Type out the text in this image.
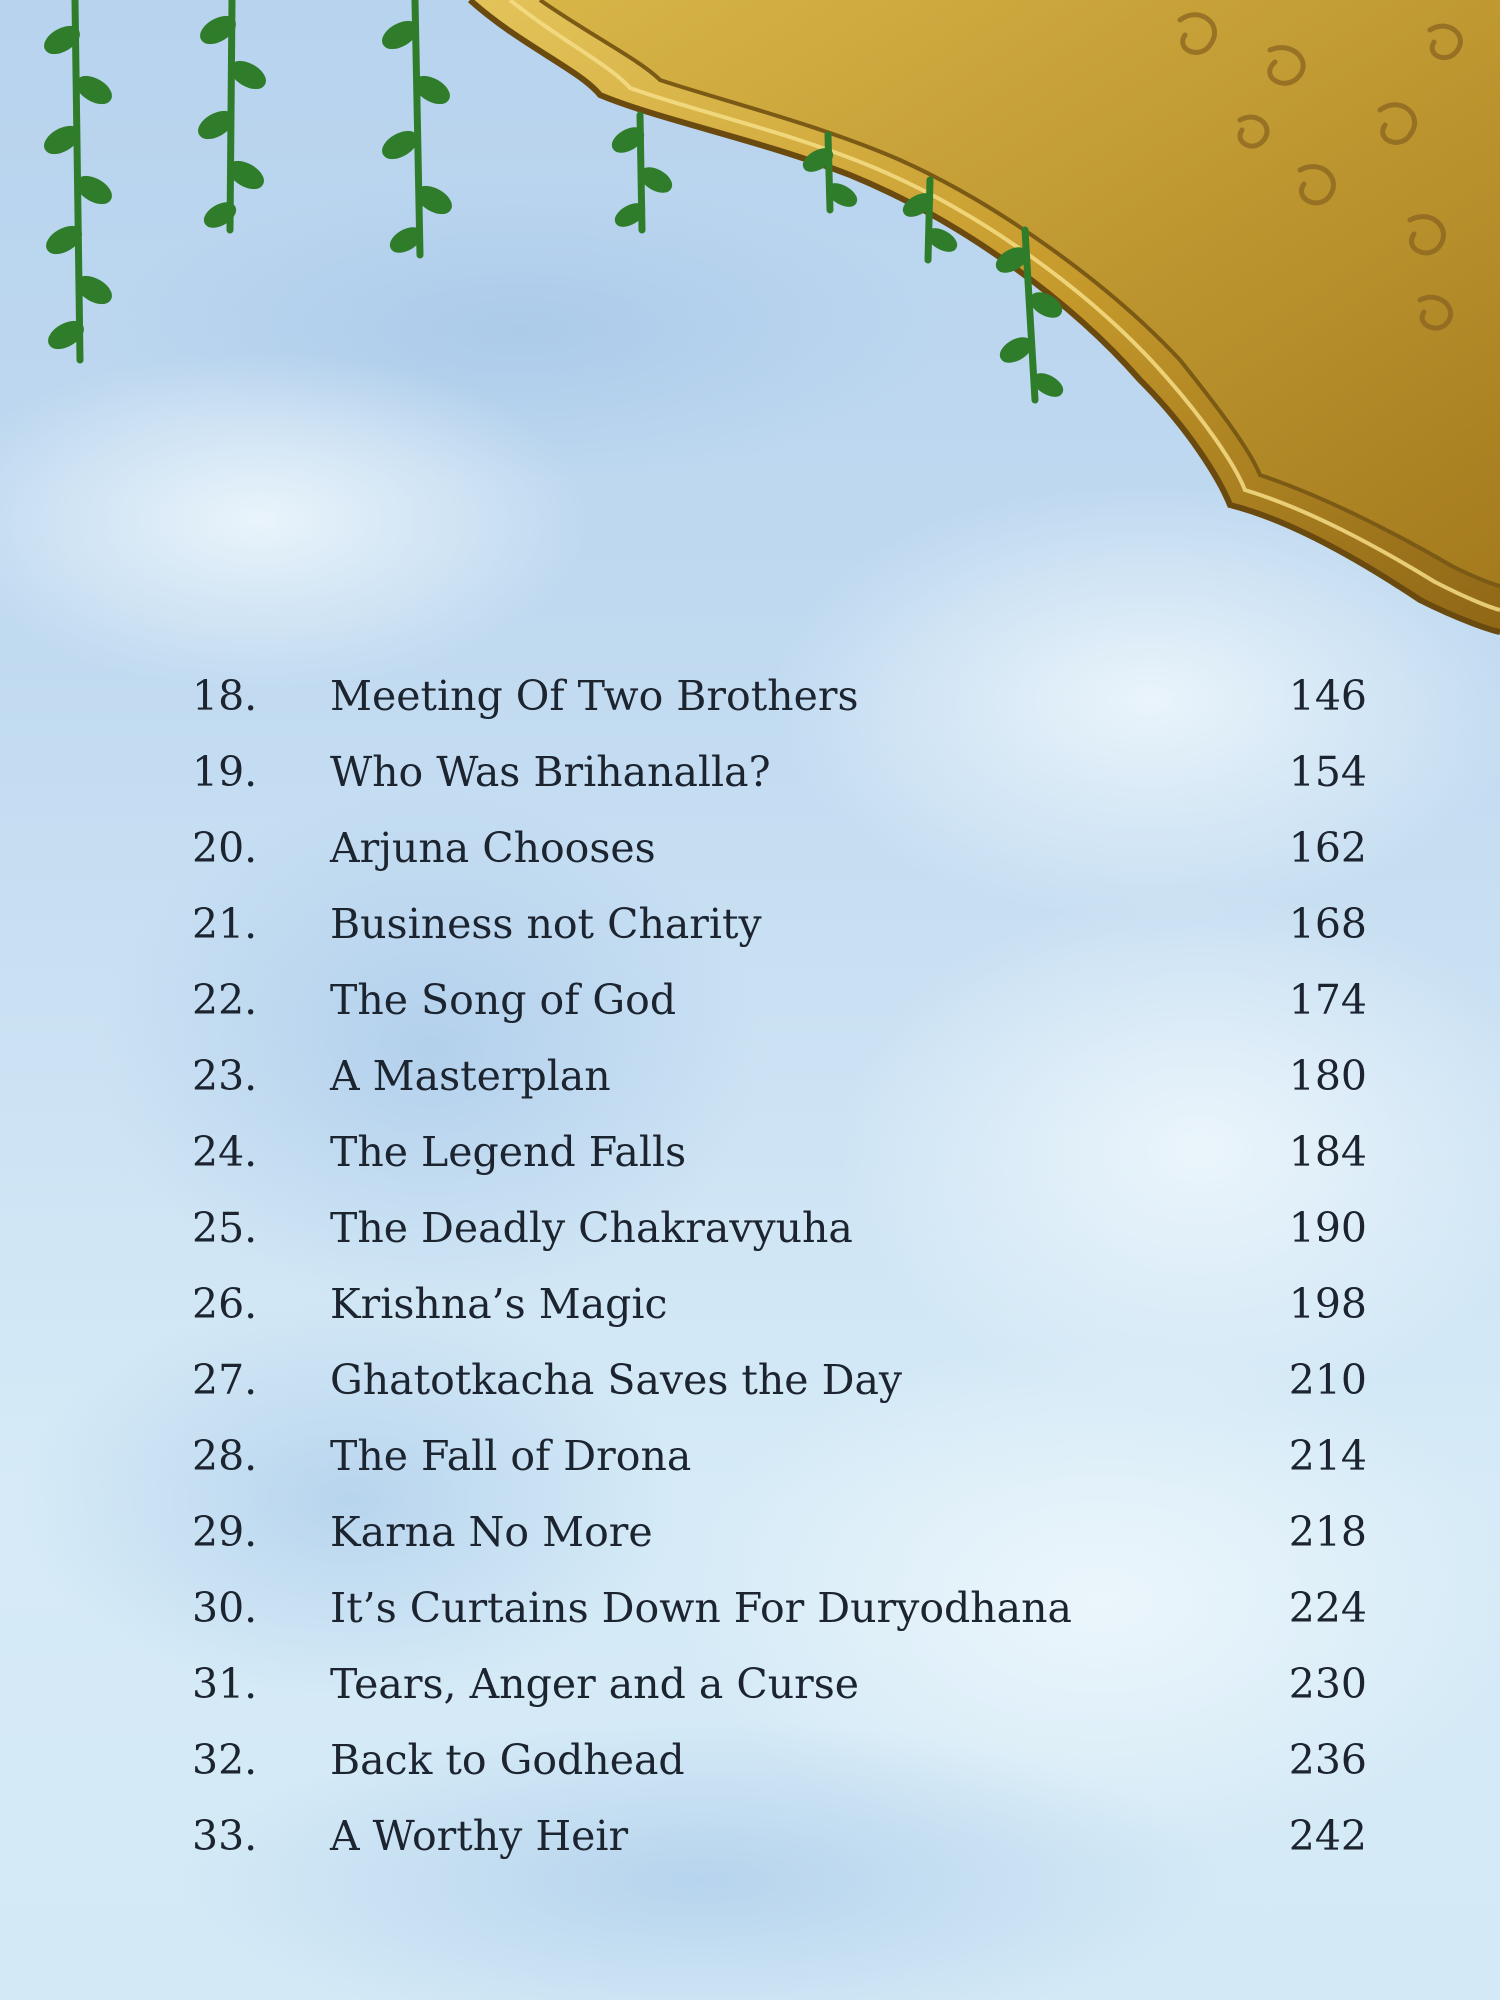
18. Meeting Of Two Brothers	146
19. Who Was Brihanalla?	154
20. Arjuna Chooses	162
21. Business not Charity	168
22. The Song of God	174
23. A Masterplan	180
24. The Legend Falls	184
25. The Deadly Chakravyuha	190
26. Krishna’s Magic	198
27. Ghatotkacha Saves the Day	210
28. The Fall of Drona	214
29. Karna No More	218
30. It’s Curtains Down For Duryodhana	224
31. Tears, Anger and a Curse	230
32. Back to Godhead	236
33. A Worthy Heir	242
